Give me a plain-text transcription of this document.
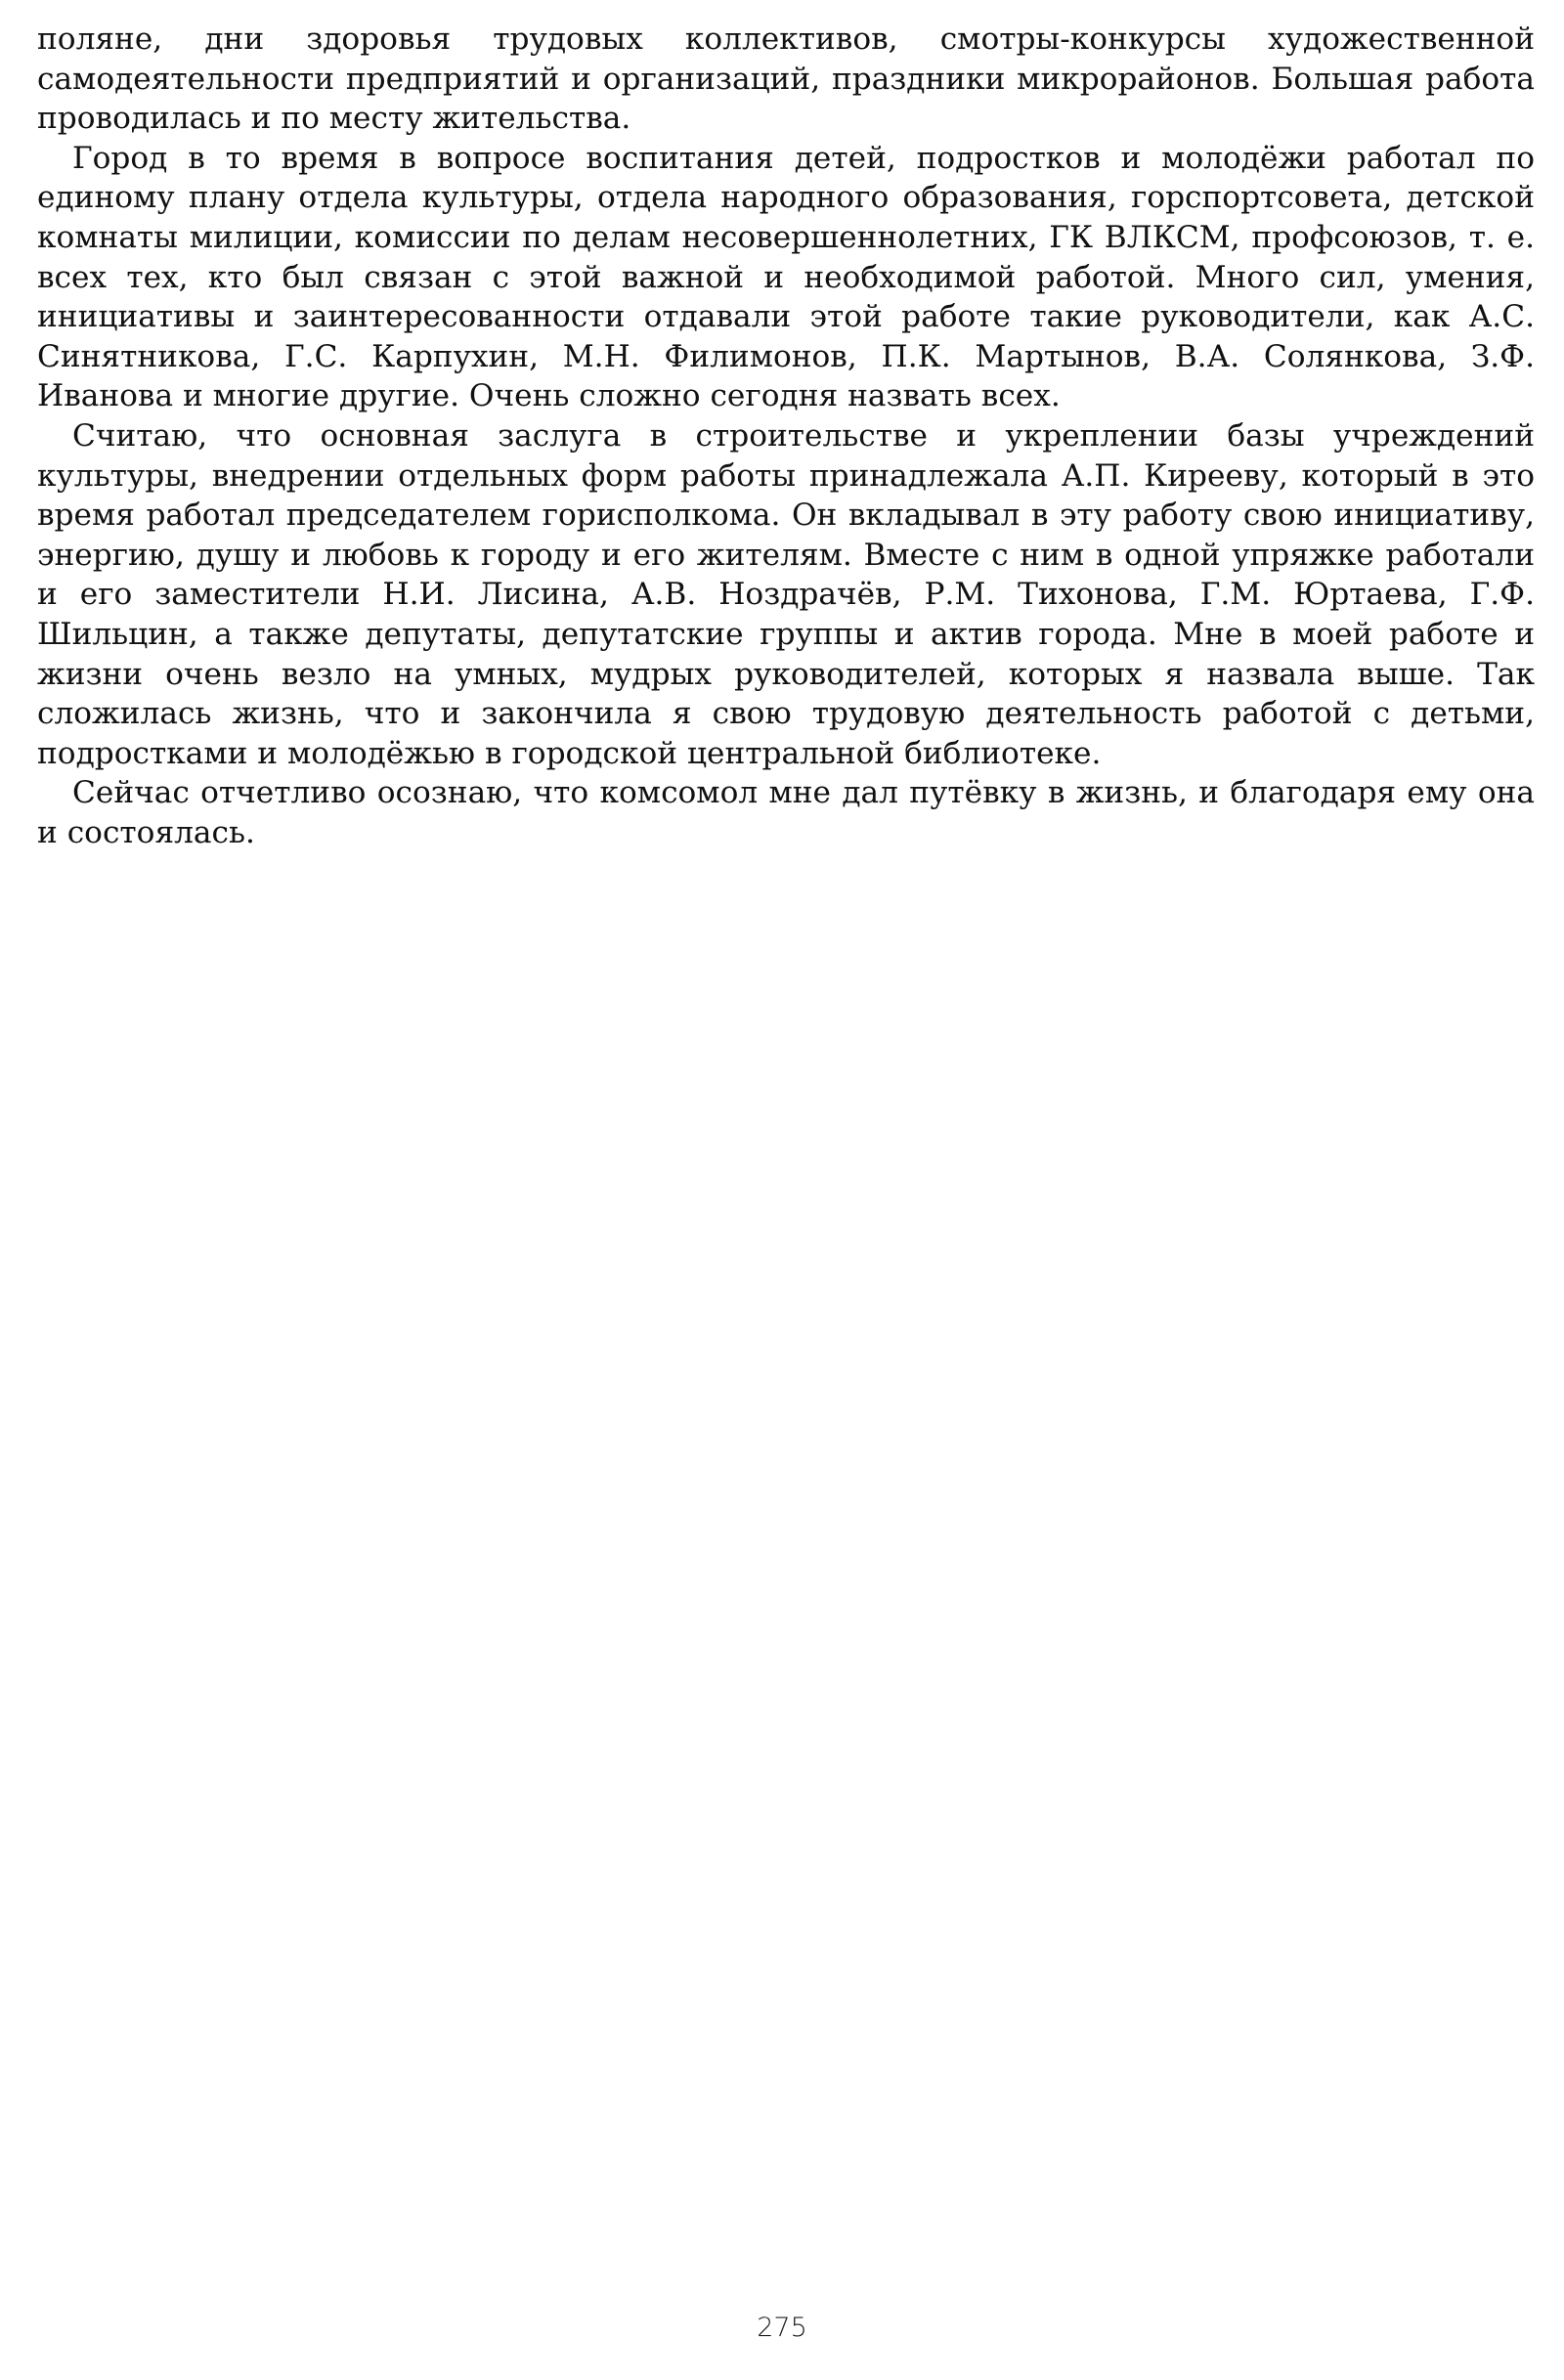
поляне, дни здоровья трудовых коллективов, смотры-конкурсы художественной самодеятельности предприятий и организаций, праздники микрорайонов. Большая работа проводилась и по месту жительства.

Город в то время в вопросе воспитания детей, подростков и молодёжи работал по единому плану отдела культуры, отдела народного образования, горспортсовета, детской комнаты милиции, комиссии по делам несовершеннолетних, ГК ВЛКСМ, профсоюзов, т. е. всех тех, кто был связан с этой важной и необходимой работой. Много сил, умения, инициативы и заинтересованности отдавали этой работе такие руководители, как А.С. Синятникова, Г.С. Карпухин, М.Н. Филимонов, П.К. Мартынов, В.А. Солянкова, З.Ф. Иванова и многие другие. Очень сложно сегодня назвать всех.

Считаю, что основная заслуга в строительстве и укреплении базы учреждений культуры, внедрении отдельных форм работы принадлежала А.П. Кирееву, который в это время работал председателем горисполкома. Он вкладывал в эту работу свою инициативу, энергию, душу и любовь к городу и его жителям. Вместе с ним в одной упряжке работали и его заместители Н.И. Лисина, А.В. Ноздрачёв, Р.М. Тихонова, Г.М. Юртаева, Г.Ф. Шильцин, а также депутаты, депутатские группы и актив города. Мне в моей работе и жизни очень везло на умных, мудрых руководителей, которых я назвала выше. Так сложилась жизнь, что и закончила я свою трудовую деятельность работой с детьми, подростками и молодёжью в городской центральной библиотеке.

Сейчас отчетливо осознаю, что комсомол мне дал путёвку в жизнь, и благодаря ему она и состоялась.

275
